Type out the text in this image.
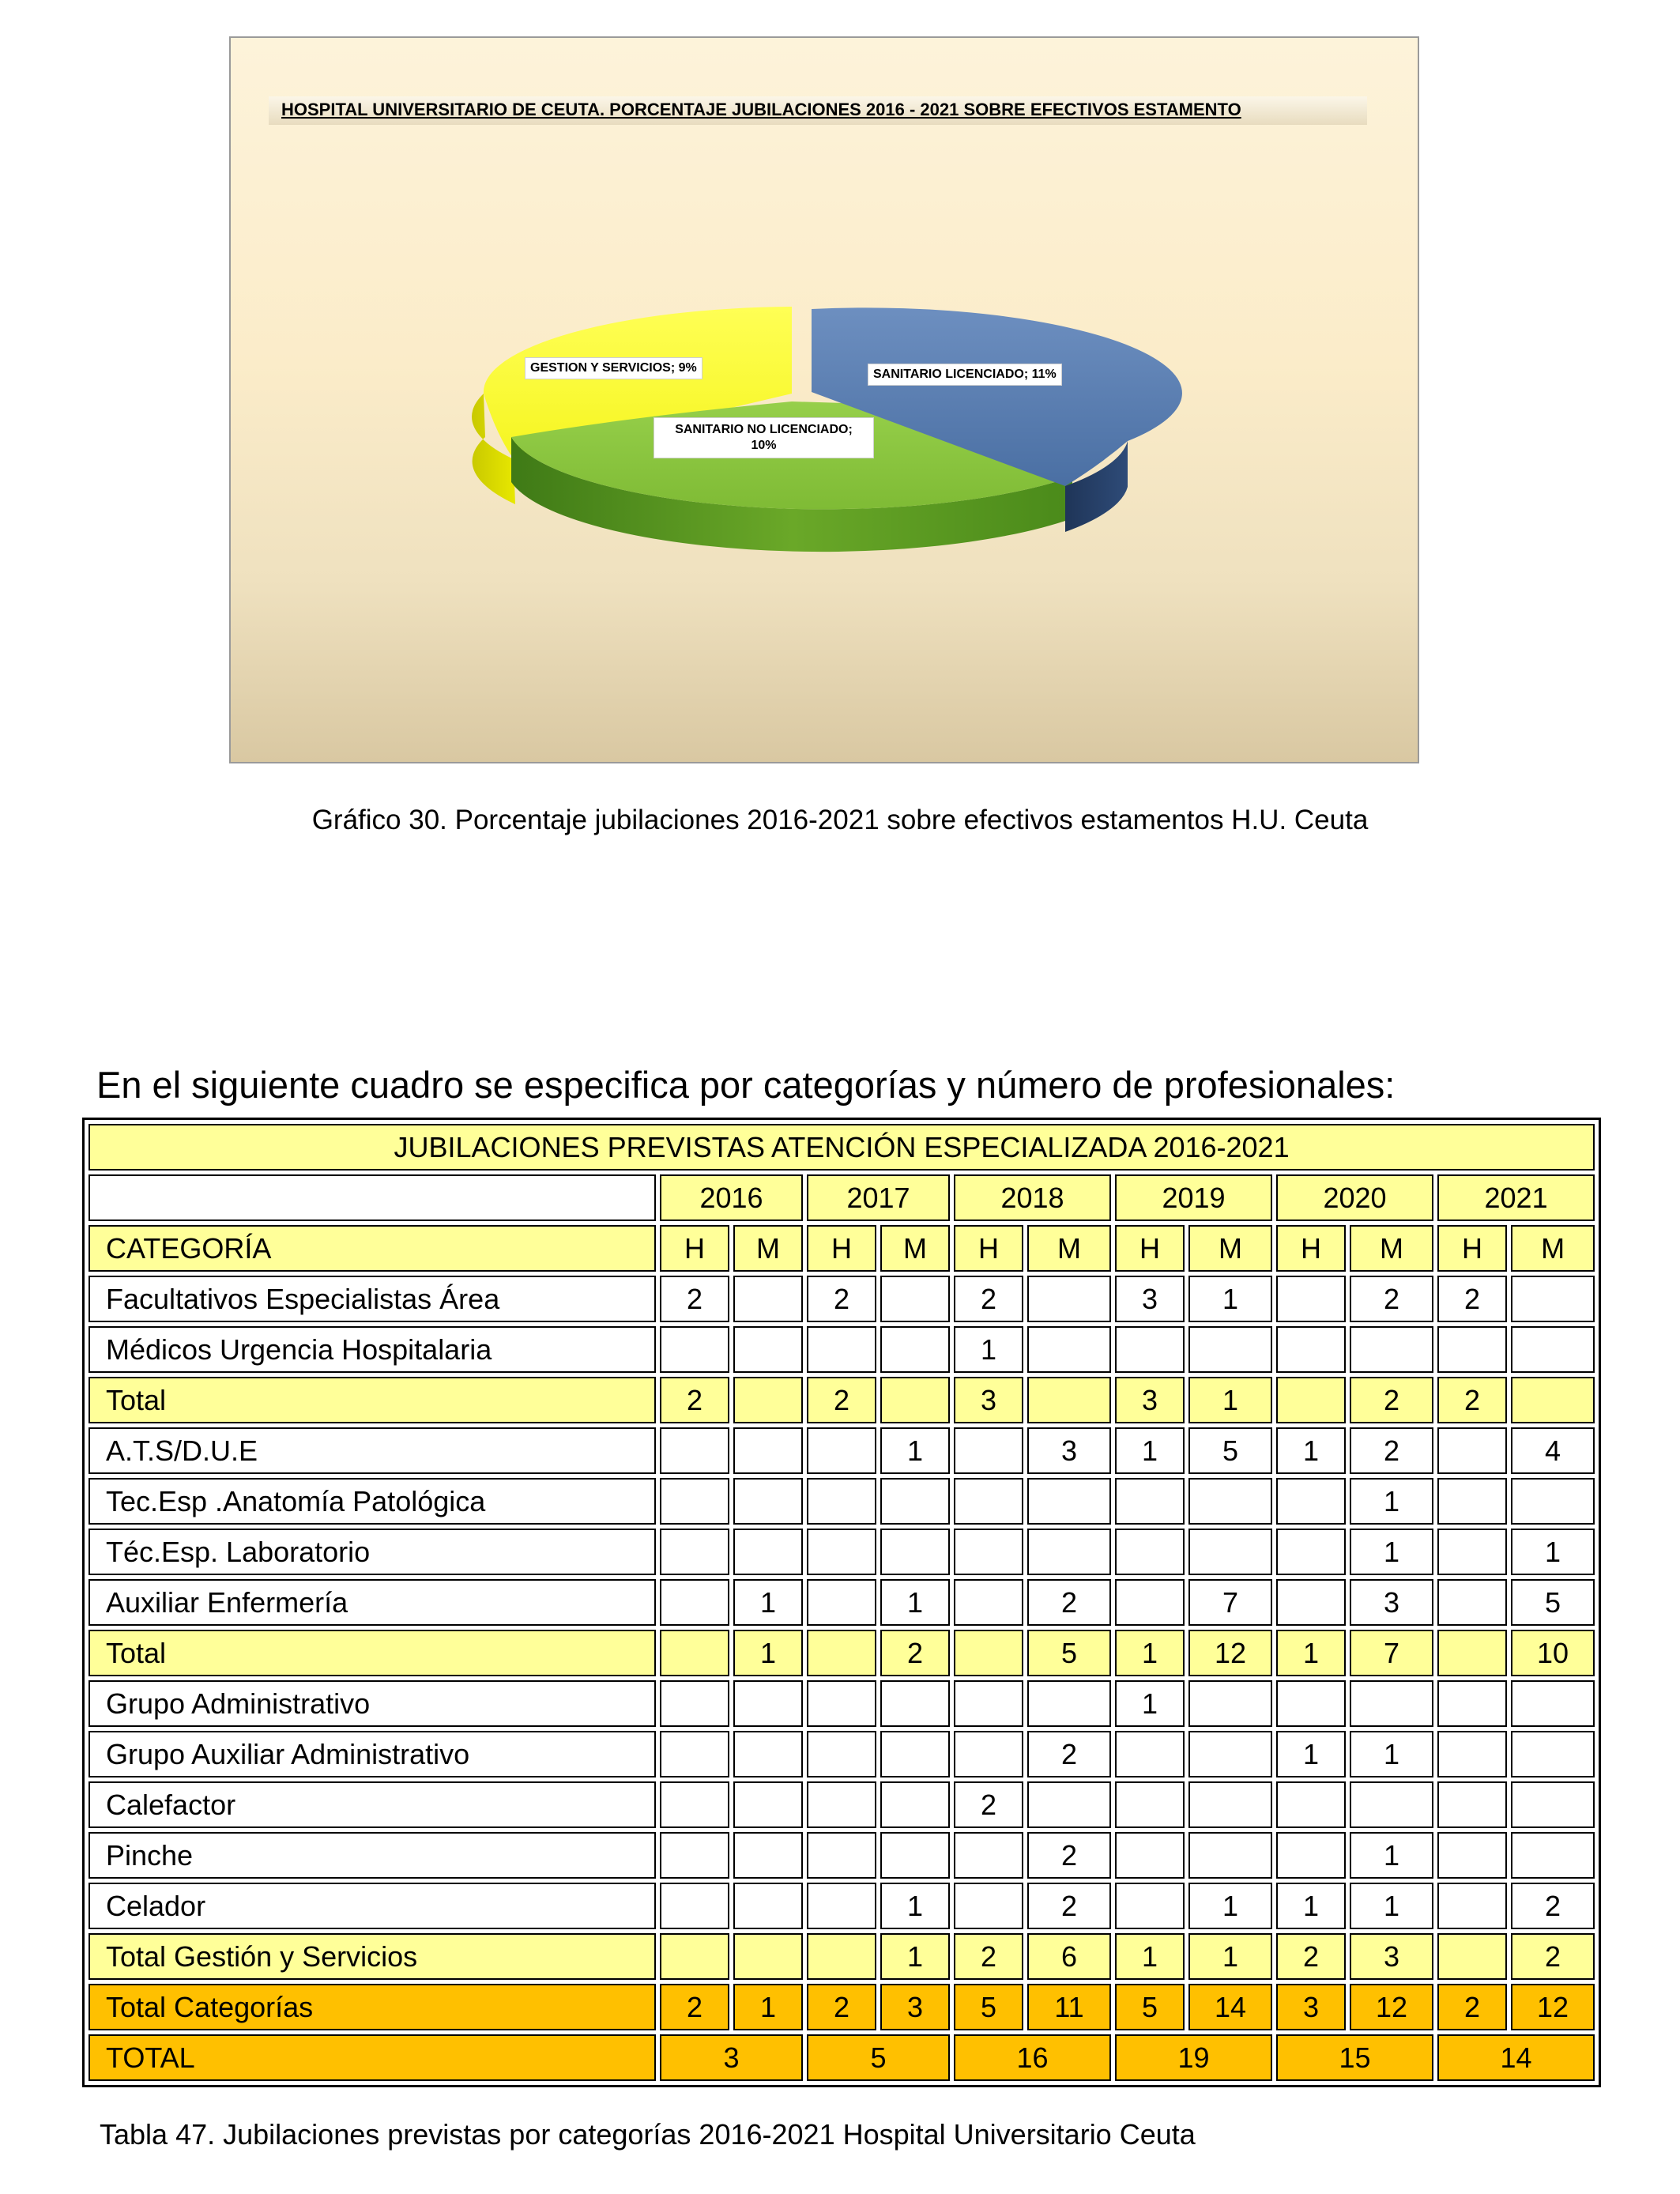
HOSPITAL UNIVERSITARIO DE CEUTA. PORCENTAJE JUBILACIONES 2016 - 2021 SOBRE EFECTIVOS ESTAMENTO
GESTION Y SERVICIOS; 9%	SANITARIO LICENCIADO; 11%
SANITARIO NO LICENCIADO;
10%
Gráfico 30. Porcentaje jubilaciones 2016-2021 sobre efectivos estamentos H.U. Ceuta
En el siguiente cuadro se especifica por categorías y número de profesionales:
JUBILACIONES PREVISTAS ATENCIÓN ESPECIALIZADA 2016-2021												
	2016		2017		2018		2019		2020		2021	
CATEGORÍA	H	M	H	M	H	M	H	M	H	M	H	M
Facultativos Especialistas Área	2		2		2		3	1		2	2	
Médicos Urgencia Hospitalaria					1							
Total	2		2		3		3	1		2	2	
A.T.S/D.U.E				1		3	1	5	1	2		4
Tec.Esp .Anatomía Patológica										1		
Téc.Esp. Laboratorio										1		1
Auxiliar Enfermería		1		1		2		7		3		5
Total		1		2		5	1	12	1	7		10
Grupo Administrativo							1					
Grupo Auxiliar Administrativo						2			1	1		
Calefactor					2							
Pinche						2				1		
Celador				1		2		1	1	1		2
Total Gestión y Servicios				1	2	6	1	1	2	3		2
Total Categorías	2	1	2	3	5	11	5	14	3	12	2	12
TOTAL	3		5		16		19		15		14	
Tabla 47. Jubilaciones previstas por categorías 2016-2021 Hospital Universitario Ceuta
